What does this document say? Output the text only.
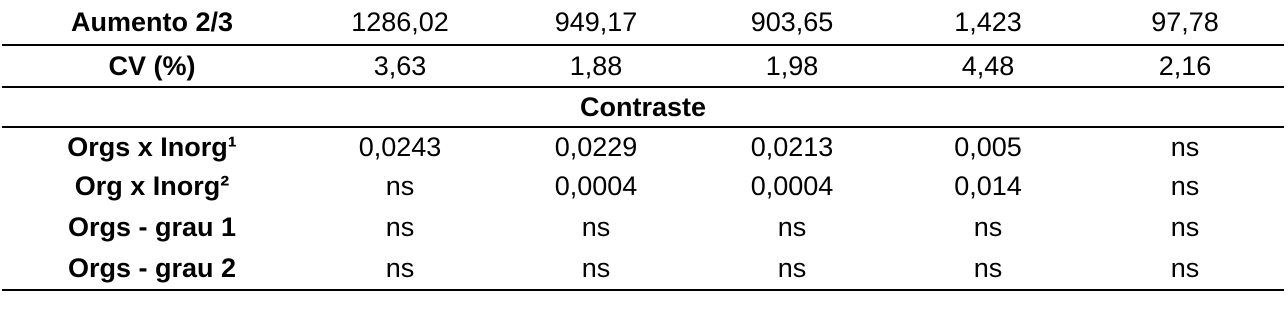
Aumento 2/3	1286,02	949,17	903,65	1,423	97,78
CV (%)	3,63	1,88	1,98	4,48	2,16
Contraste					
Orgs x Inorg¹	0,0243	0,0229	0,0213	0,005	ns
Org x Inorg²	ns	0,0004	0,0004	0,014	ns
Orgs - grau 1	ns	ns	ns	ns	ns
Orgs - grau 2	ns	ns	ns	ns	ns
